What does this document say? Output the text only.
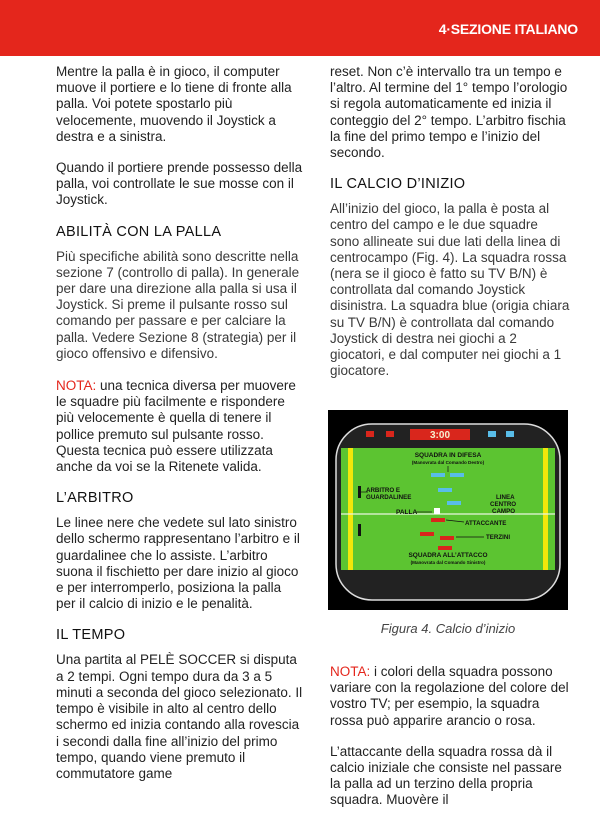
4·SEZIONE ITALIANO

Mentre la palla è in gioco, il computer muove il portiere e lo tiene di fronte alla palla. Voi potete spostarlo più velocemente, muovendo il Joystick a destra e a sinistra.

Quando il portiere prende possesso della palla, voi controllate le sue mosse con il Joystick.

ABILITÀ CON LA PALLA

Più specifiche abilità sono descritte nella sezione 7 (controllo di palla). In generale per dare una direzione alla palla si usa il Joystick. Si preme il pulsante rosso sul comando per passare e per calciare la palla. Vedere Sezione 8 (strategia) per il gioco offensivo e difensivo.

NOTA: una tecnica diversa per muovere le squadre più facilmente e rispondere più velocemente è quella di tenere il pollice premuto sul pulsante rosso. Questa tecnica può essere utilizzata anche da voi se la Ritenete valida.

L’ARBITRO

Le linee nere che vedete sul lato sinistro dello schermo rappresentano l’arbitro e il guardalinee che lo assiste. L’arbitro suona il fischietto per dare inizio al gioco e per interromperlo, posiziona la palla per il calcio di inizio e le penalità.

IL TEMPO

Una partita al PELÈ SOCCER si disputa a 2 tempi. Ogni tempo dura da 3 a 5 minuti a seconda del gioco selezionato. Il tempo è visibile in alto al centro dello schermo ed inizia contando alla rovescia i secondi dalla fine all’inizio del primo tempo, quando viene premuto il commutatore game

reset. Non c’è intervallo tra un tempo e l’altro. Al termine del 1° tempo l’orologio si regola automaticamente ed inizia il conteggio del 2° tempo. L’arbitro fischia la fine del primo tempo e l’inizio del secondo.

IL CALCIO D’INIZIO

All’inizio del gioco, la palla è posta al centro del campo e le due squadre sono allineate sui due lati della linea di centrocampo (Fig. 4). La squadra rossa (nera se il gioco è fatto su TV B/N) è controllata dal comando Joystick disinistra. La squadra blue (origia chiara su TV B/N) è controllata dal comando Joystick di destra nei giochi a 2 giocatori, e dal computer nei giochi a 1 giocatore.

3:00
SQUADRA IN DIFESA
(Manovrata dal Comando Destro)
ARBITRO E
GUARDALINEE
PALLA
LINEA
CENTRO
CAMPO
ATTACCANTE
TERZINI
SQUADRA ALL’ATTACCO
(Manovrata dal Comando Sinistro)
Figura 4. Calcio d’inizio

NOTA: i colori della squadra possono variare con la regolazione del colore del vostro TV; per esempio, la squadra rossa può apparire arancio o rosa.

L’attaccante della squadra rossa dà il calcio iniziale che consiste nel passare la palla ad un terzino della propria squadra. Muovère il
